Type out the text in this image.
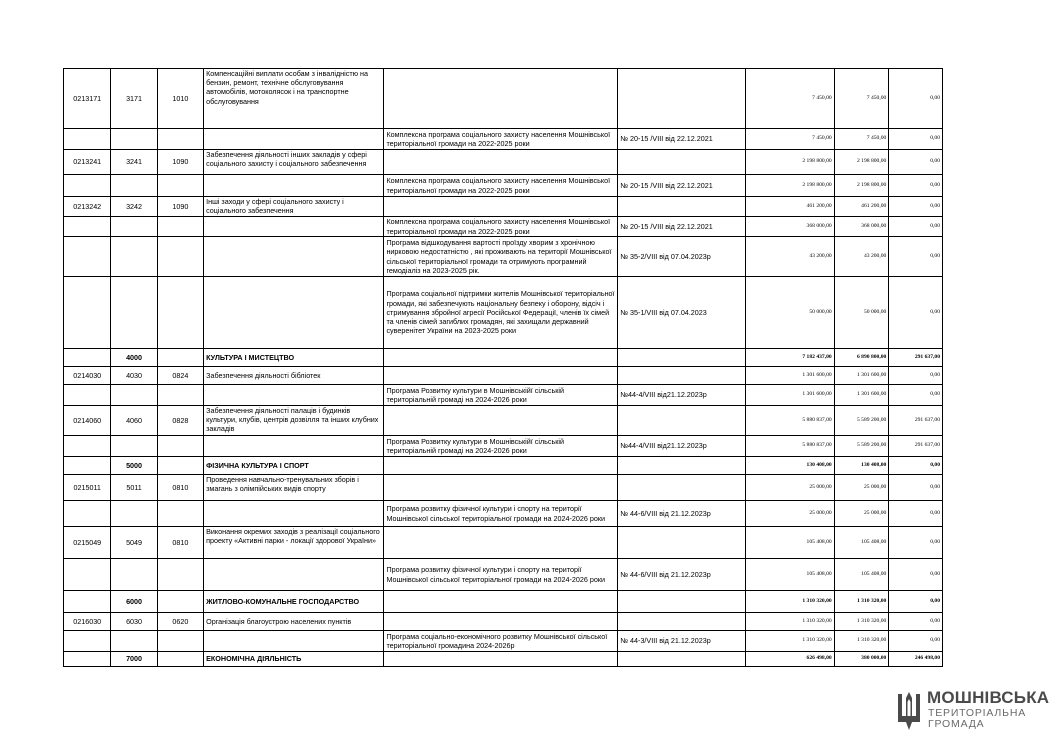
0213171	3171	1010	Компенсаційні виплати особам з інвалідністю на бензин, ремонт, технічне обслуговування автомобілів, мотоколясок і на транспортне обслуговування			7 450,00	7 450,00	0,00
				Комплексна програма соціального захисту населення Мошнівської територіальної громади на 2022-2025 роки	№ 20-15 /VIII від 22.12.2021	7 450,00	7 450,00	0,00
0213241	3241	1090	Забезпечення діяльності інших закладів у сфері соціального захисту і соціального забезпечення			2 198 800,00	2 198 800,00	0,00
				Комплексна програма соціального захисту населення Мошнівської територіальної громади на 2022-2025 роки	№ 20-15 /VIII від 22.12.2021	2 198 800,00	2 198 800,00	0,00
0213242	3242	1090	Інші заходи у сфері соціального захисту і соціального забезпечення			461 200,00	461 200,00	0,00
				Комплексна програма соціального захисту населення Мошнівської територіальної громади на 2022-2025 роки	№ 20-15 /VIII від 22.12.2021	368 000,00	368 000,00	0,00
				Програма відшкодування вартості проїзду хворим з хронічною нирковою недостатністю , які проживають на території Мошнівської сільської територіальної громади та отримують програмний гемодіаліз на 2023-2025 рік.	№ 35-2/VIII від 07.04.2023р	43 200,00	43 200,00	0,00
				Програма соціальної підтримки жителів Мошнівської територіальної громади, які забезпечують національну безпеку і оборону, відсіч і стримування збройної агресії Російської Федерації, членів їх сімей та членів сімей загиблих громадян, які захищали державний суверенітет України на 2023-2025 роки	№ 35-1/VIII від 07.04.2023	50 000,00	50 000,00	0,00
	4000		КУЛЬТУРА І МИСТЕЦТВО			7 182 437,00	6 890 800,00	291 637,00
0214030	4030	0824	Забезпечення діяльності бібліотек			1 301 600,00	1 301 600,00	0,00
				Програма Розвитку культури в Мошнівськійї сільській територіальній громаді на 2024-2026 роки	№44-4/VIII від21.12.2023р	1 301 600,00	1 301 600,00	0,00
0214060	4060	0828	Забезпечення діяльності палаців i будинків культури, клубів, центрів дозвілля та iнших клубних закладів			5 880 837,00	5 589 200,00	291 637,00
				Програма Розвитку культури в Мошнівськійї сільській територіальній громаді на 2024-2026 роки	№44-4/VIII від21.12.2023р	5 880 837,00	5 589 200,00	291 637,00
	5000		ФІЗИЧНА КУЛЬТУРА І СПОРТ			130 408,00	130 408,00	0,00
0215011	5011	0810	Проведення навчально-тренувальних зборів і змагань з олімпійських видів спорту			25 000,00	25 000,00	0,00
				Програма розвитку фізичної культури і спорту на території Мошнівської сільської територіальної громади на 2024-2026 роки	№ 44-6/VIII від 21.12.2023р	25 000,00	25 000,00	0,00
0215049	5049	0810	Виконання окремих заходів з реалізації соціального проекту «Активні парки - локації здорової України»			105 408,00	105 408,00	0,00
				Програма розвитку фізичної культури і спорту на території Мошнівської сільської територіальної громади на 2024-2026 роки	№ 44-6/VIII від 21.12.2023р	105 408,00	105 408,00	0,00
	6000		ЖИТЛОВО-КОМУНАЛЬНЕ ГОСПОДАРСТВО			1 310 320,00	1 310 320,00	0,00
0216030	6030	0620	Організація благоустрою населених пунктів			1 310 320,00	1 310 320,00	0,00
				Програма соціально-економічного розвитку Мошнівської сільської територіальної громадина 2024-2026р	№ 44-3/VIII від 21.12.2023р	1 310 320,00	1 310 320,00	0,00
	7000		ЕКОНОМІЧНА ДІЯЛЬНІСТЬ			626 498,00	380 000,00	246 498,00
МОШНІВСЬКА
ТЕРИТОРІАЛЬНА
ГРОМАДА
